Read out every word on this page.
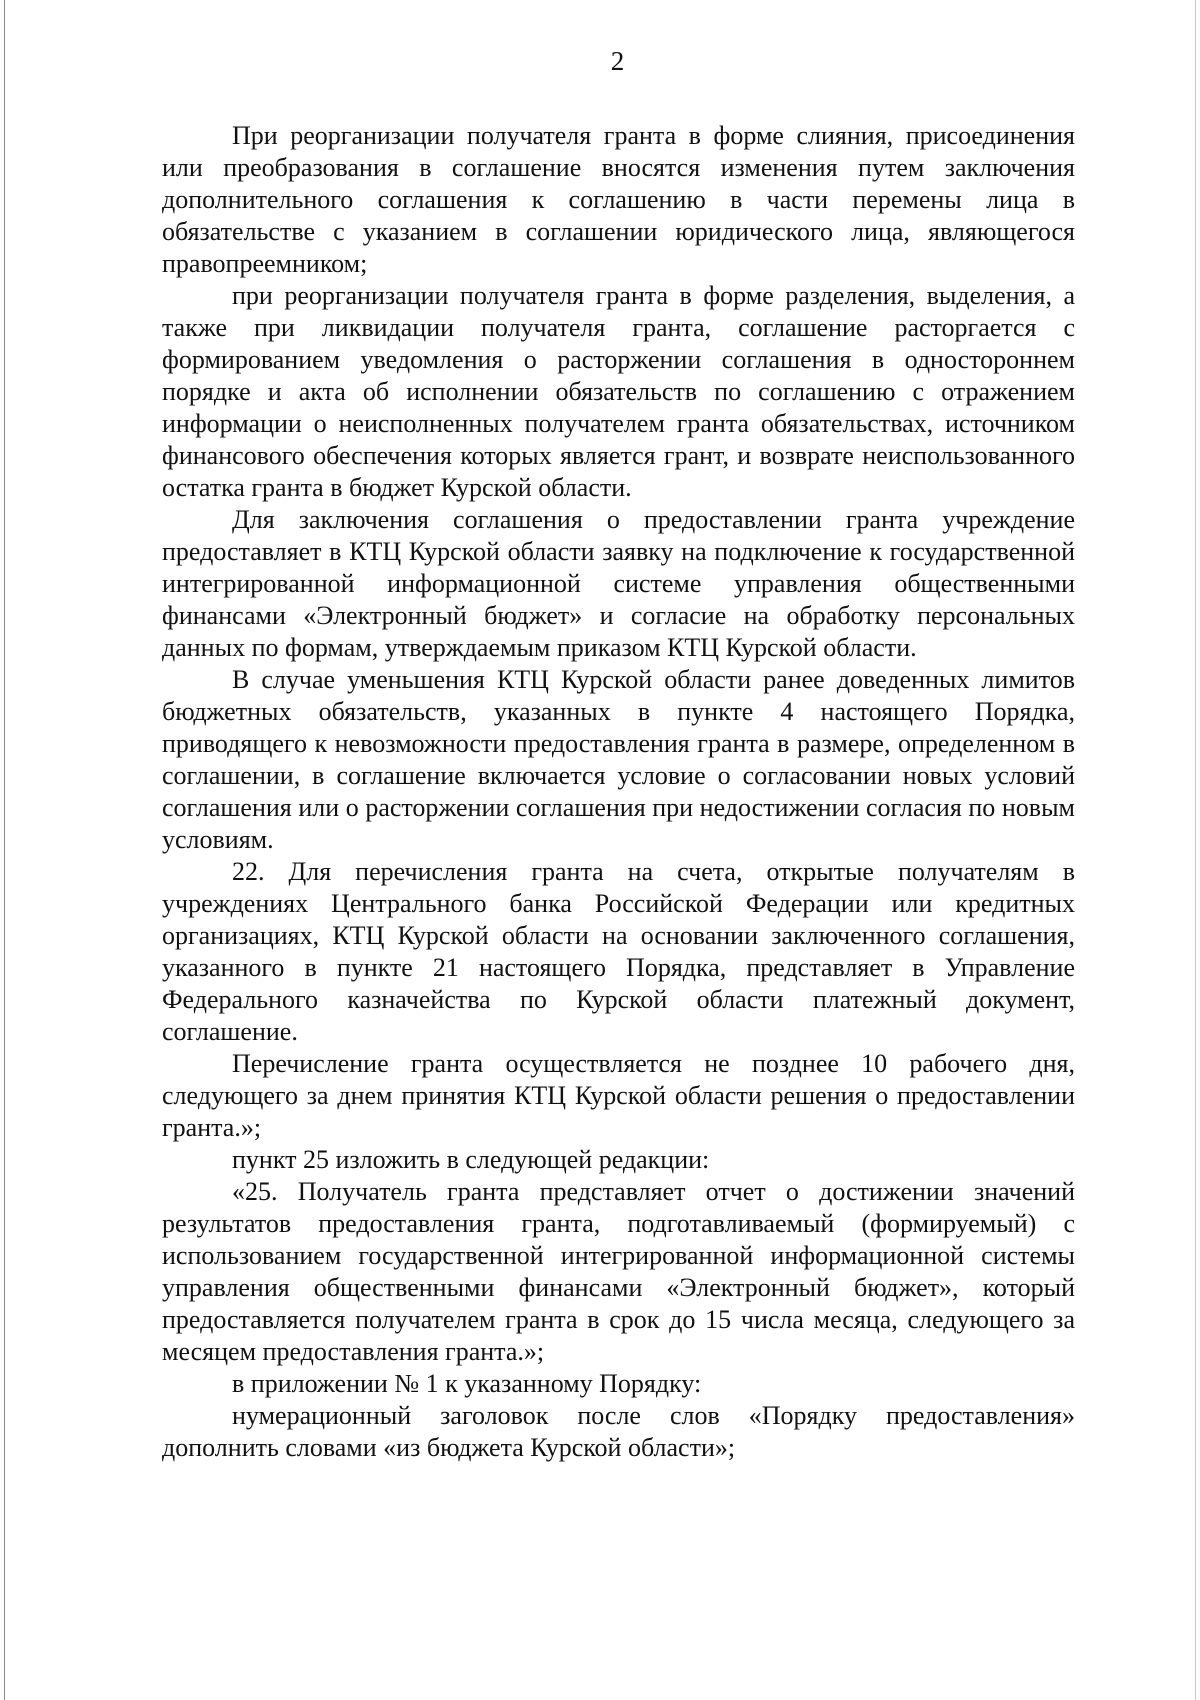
2

При реорганизации получателя гранта в форме слияния, присоединения или преобразования в соглашение вносятся изменения путем заключения дополнительного соглашения к соглашению в части перемены лица в обязательстве с указанием в соглашении юридического лица, являющегося правопреемником;

при реорганизации получателя гранта в форме разделения, выделения, а также при ликвидации получателя гранта, соглашение расторгается с формированием уведомления о расторжении соглашения в одностороннем порядке и акта об исполнении обязательств по соглашению с отражением информации о неисполненных получателем гранта обязательствах, источником финансового обеспечения которых является грант, и возврате неиспользованного остатка гранта в бюджет Курской области.

Для заключения соглашения о предоставлении гранта учреждение предоставляет в КТЦ Курской области заявку на подключение к государственной интегрированной информационной системе управления общественными финансами «Электронный бюджет» и согласие на обработку персональных данных по формам, утверждаемым приказом КТЦ Курской области.

В случае уменьшения КТЦ Курской области ранее доведенных лимитов бюджетных обязательств, указанных в пункте 4 настоящего Порядка, приводящего к невозможности предоставления гранта в размере, определенном в соглашении, в соглашение включается условие о согласовании новых условий соглашения или о расторжении соглашения при недостижении согласия по новым условиям.

22. Для перечисления гранта на счета, открытые получателям в учреждениях Центрального банка Российской Федерации или кредитных организациях, КТЦ Курской области на основании заключенного соглашения, указанного в пункте 21 настоящего Порядка, представляет в Управление Федерального казначейства по Курской области платежный документ, соглашение.

Перечисление гранта осуществляется не позднее 10 рабочего дня, следующего за днем принятия КТЦ Курской области решения о предоставлении гранта.»;

пункт 25 изложить в следующей редакции:

«25. Получатель гранта представляет отчет о достижении значений результатов предоставления гранта, подготавливаемый (формируемый) с использованием государственной интегрированной информационной системы управления общественными финансами «Электронный бюджет», который предоставляется получателем гранта в срок до 15 числа месяца, следующего за месяцем предоставления гранта.»;

в приложении № 1 к указанному Порядку:

нумерационный заголовок после слов «Порядку предоставления» дополнить словами «из бюджета Курской области»;
